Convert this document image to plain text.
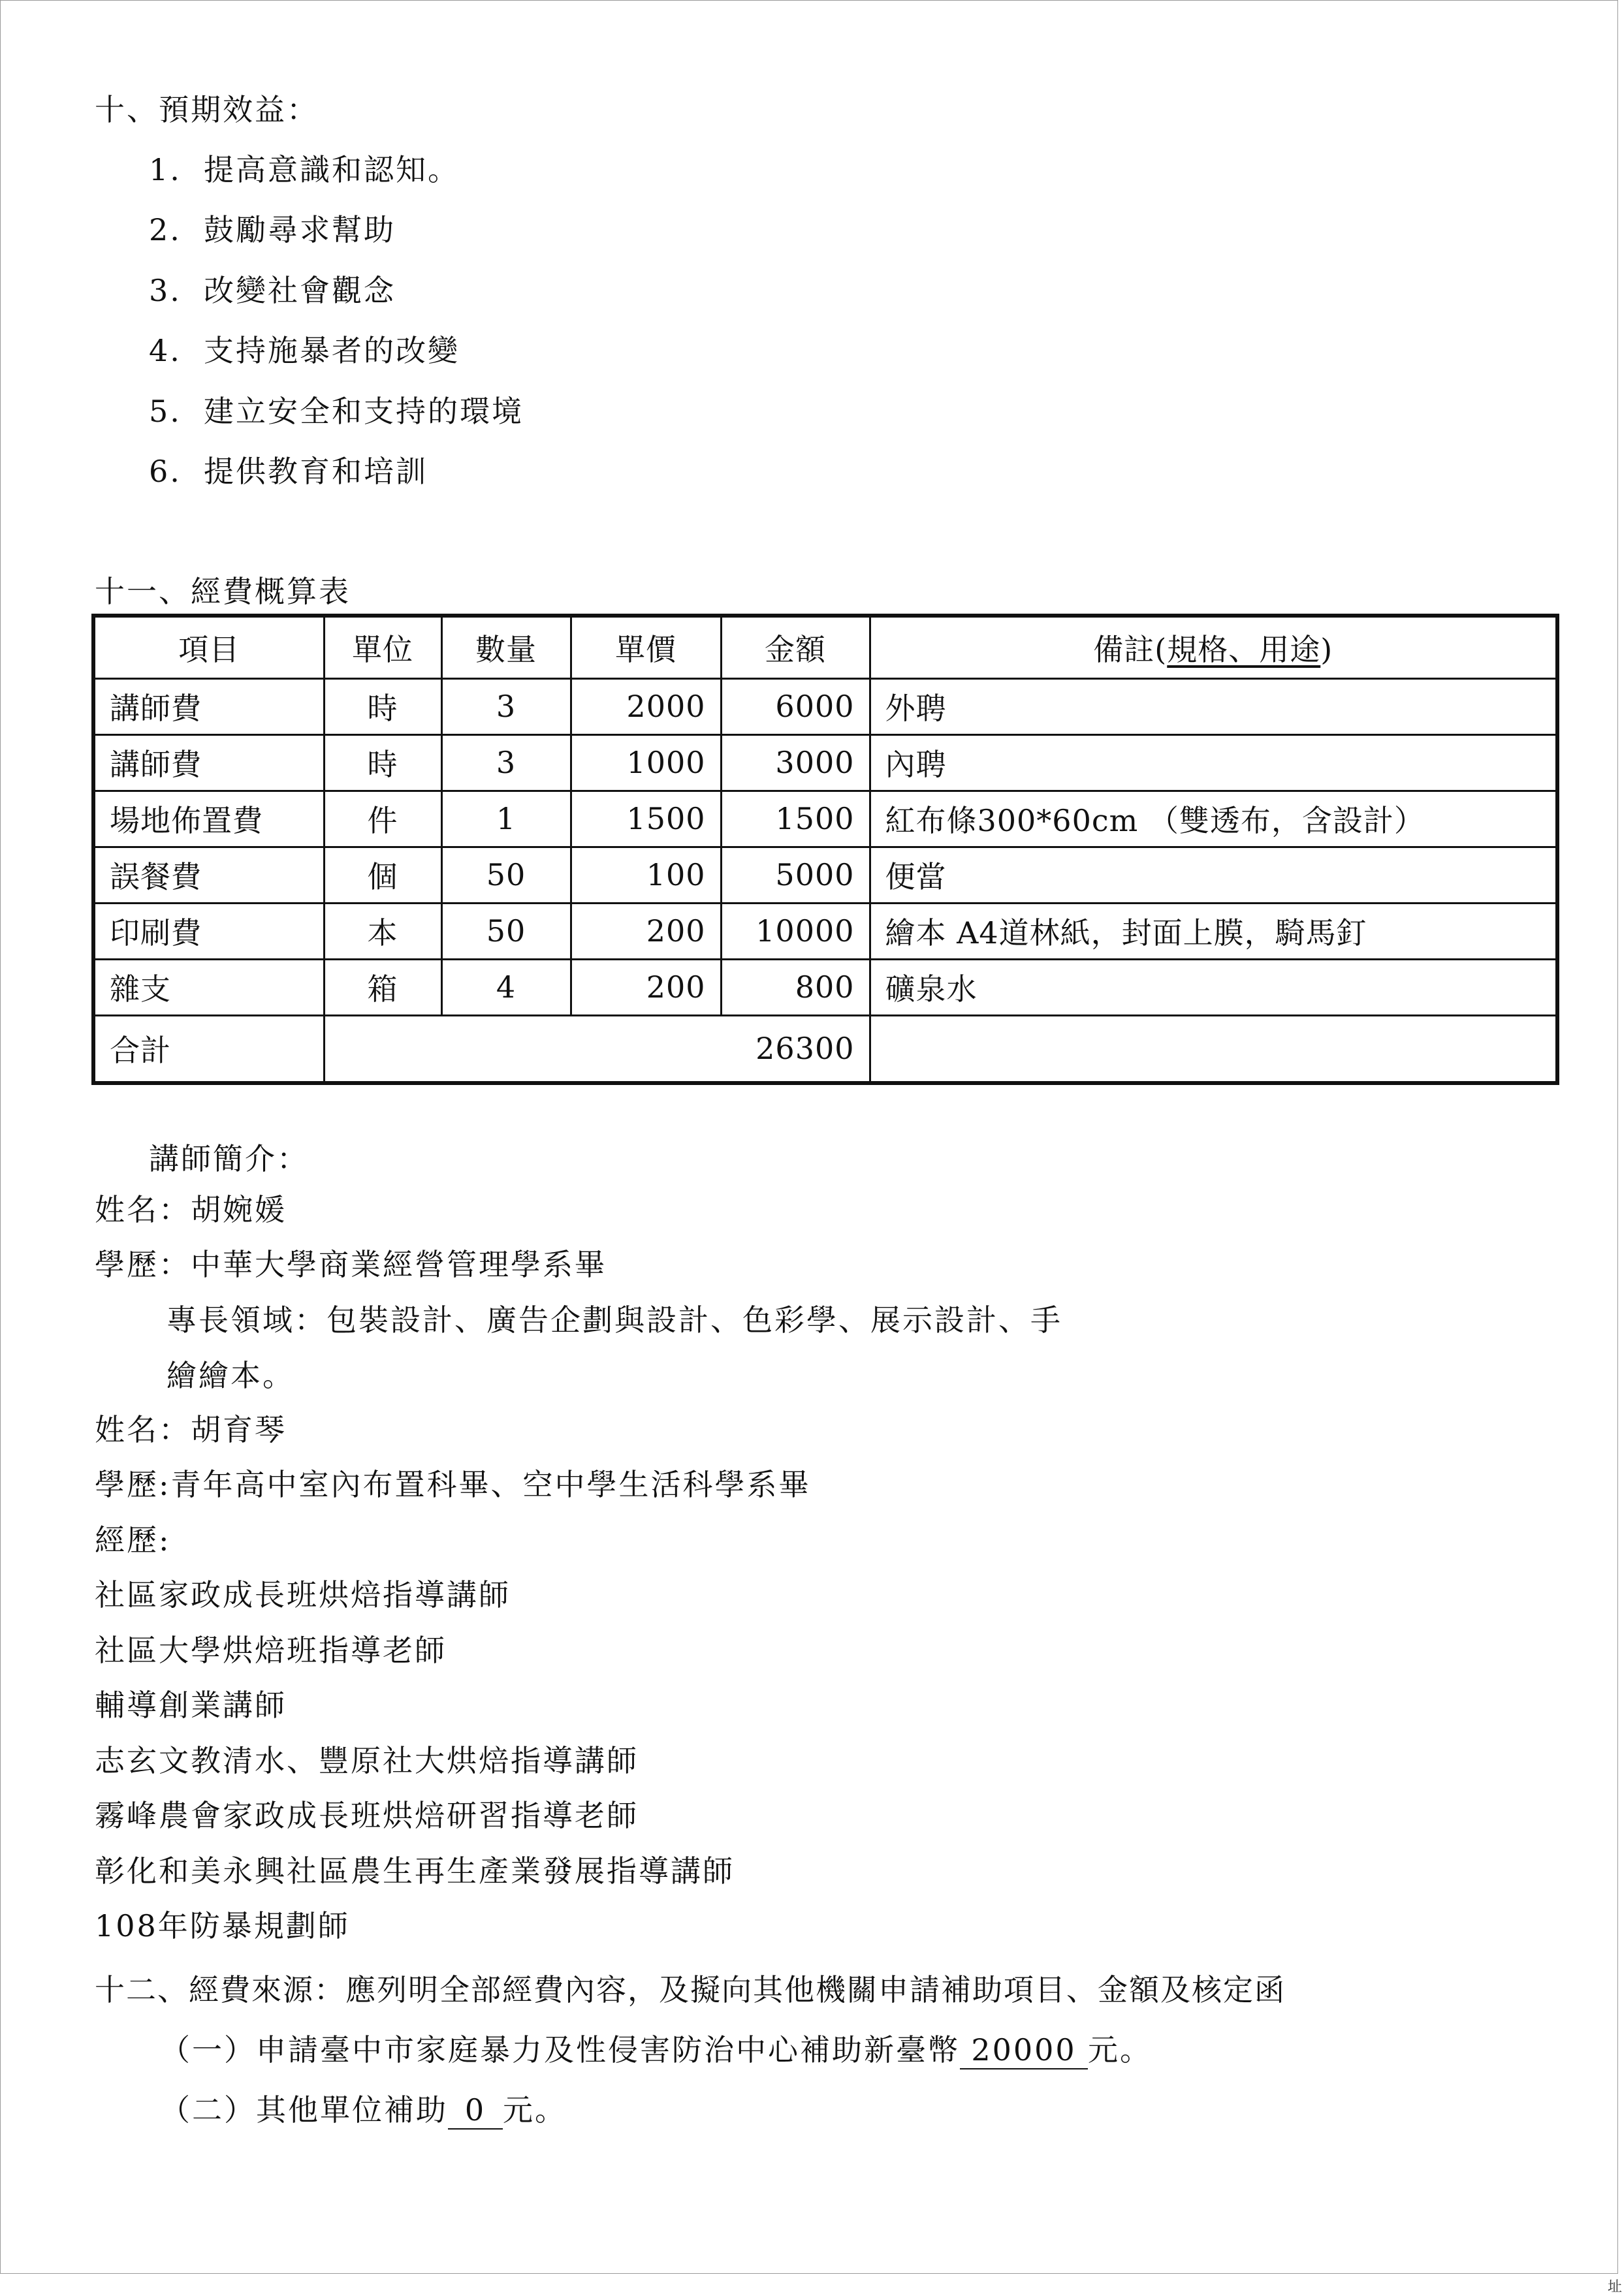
十、預期效益：
1. 提高意識和認知。
2. 鼓勵尋求幫助
3. 改變社會觀念
4. 支持施暴者的改變
5. 建立安全和支持的環境
6. 提供教育和培訓
十一、經費概算表
項目	單位	數量	單價	金額	備註(規格、用途)
講師費	時	3	2000	6000	外聘
講師費	時	3	1000	3000	內聘
場地佈置費	件	1	1500	1500	紅布條300*60cm （雙透布，含設計）
誤餐費	個	50	100	5000	便當
印刷費	本	50	200	10000	繪本 A4道林紙，封面上膜，騎馬釘
雜支	箱	4	200	800	礦泉水
合計	26300				
講師簡介：
姓名：胡婉媛
學歷：中華大學商業經營管理學系畢
專長領域：包裝設計、廣告企劃與設計、色彩學、展示設計、手
繪繪本。
姓名：胡育琴
學歷:青年高中室內布置科畢、空中學生活科學系畢
經歷:
社區家政成長班烘焙指導講師
社區大學烘焙班指導老師
輔導創業講師
志玄文教清水、豐原社大烘焙指導講師
霧峰農會家政成長班烘焙研習指導老師
彰化和美永興社區農生再生產業發展指導講師
108年防暴規劃師
十二、經費來源：應列明全部經費內容，及擬向其他機關申請補助項目、金額及核定函
（一）申請臺中市家庭暴力及性侵害防治中心補助新臺幣 20000 元。
（二）其他單位補助 0 元。
址
